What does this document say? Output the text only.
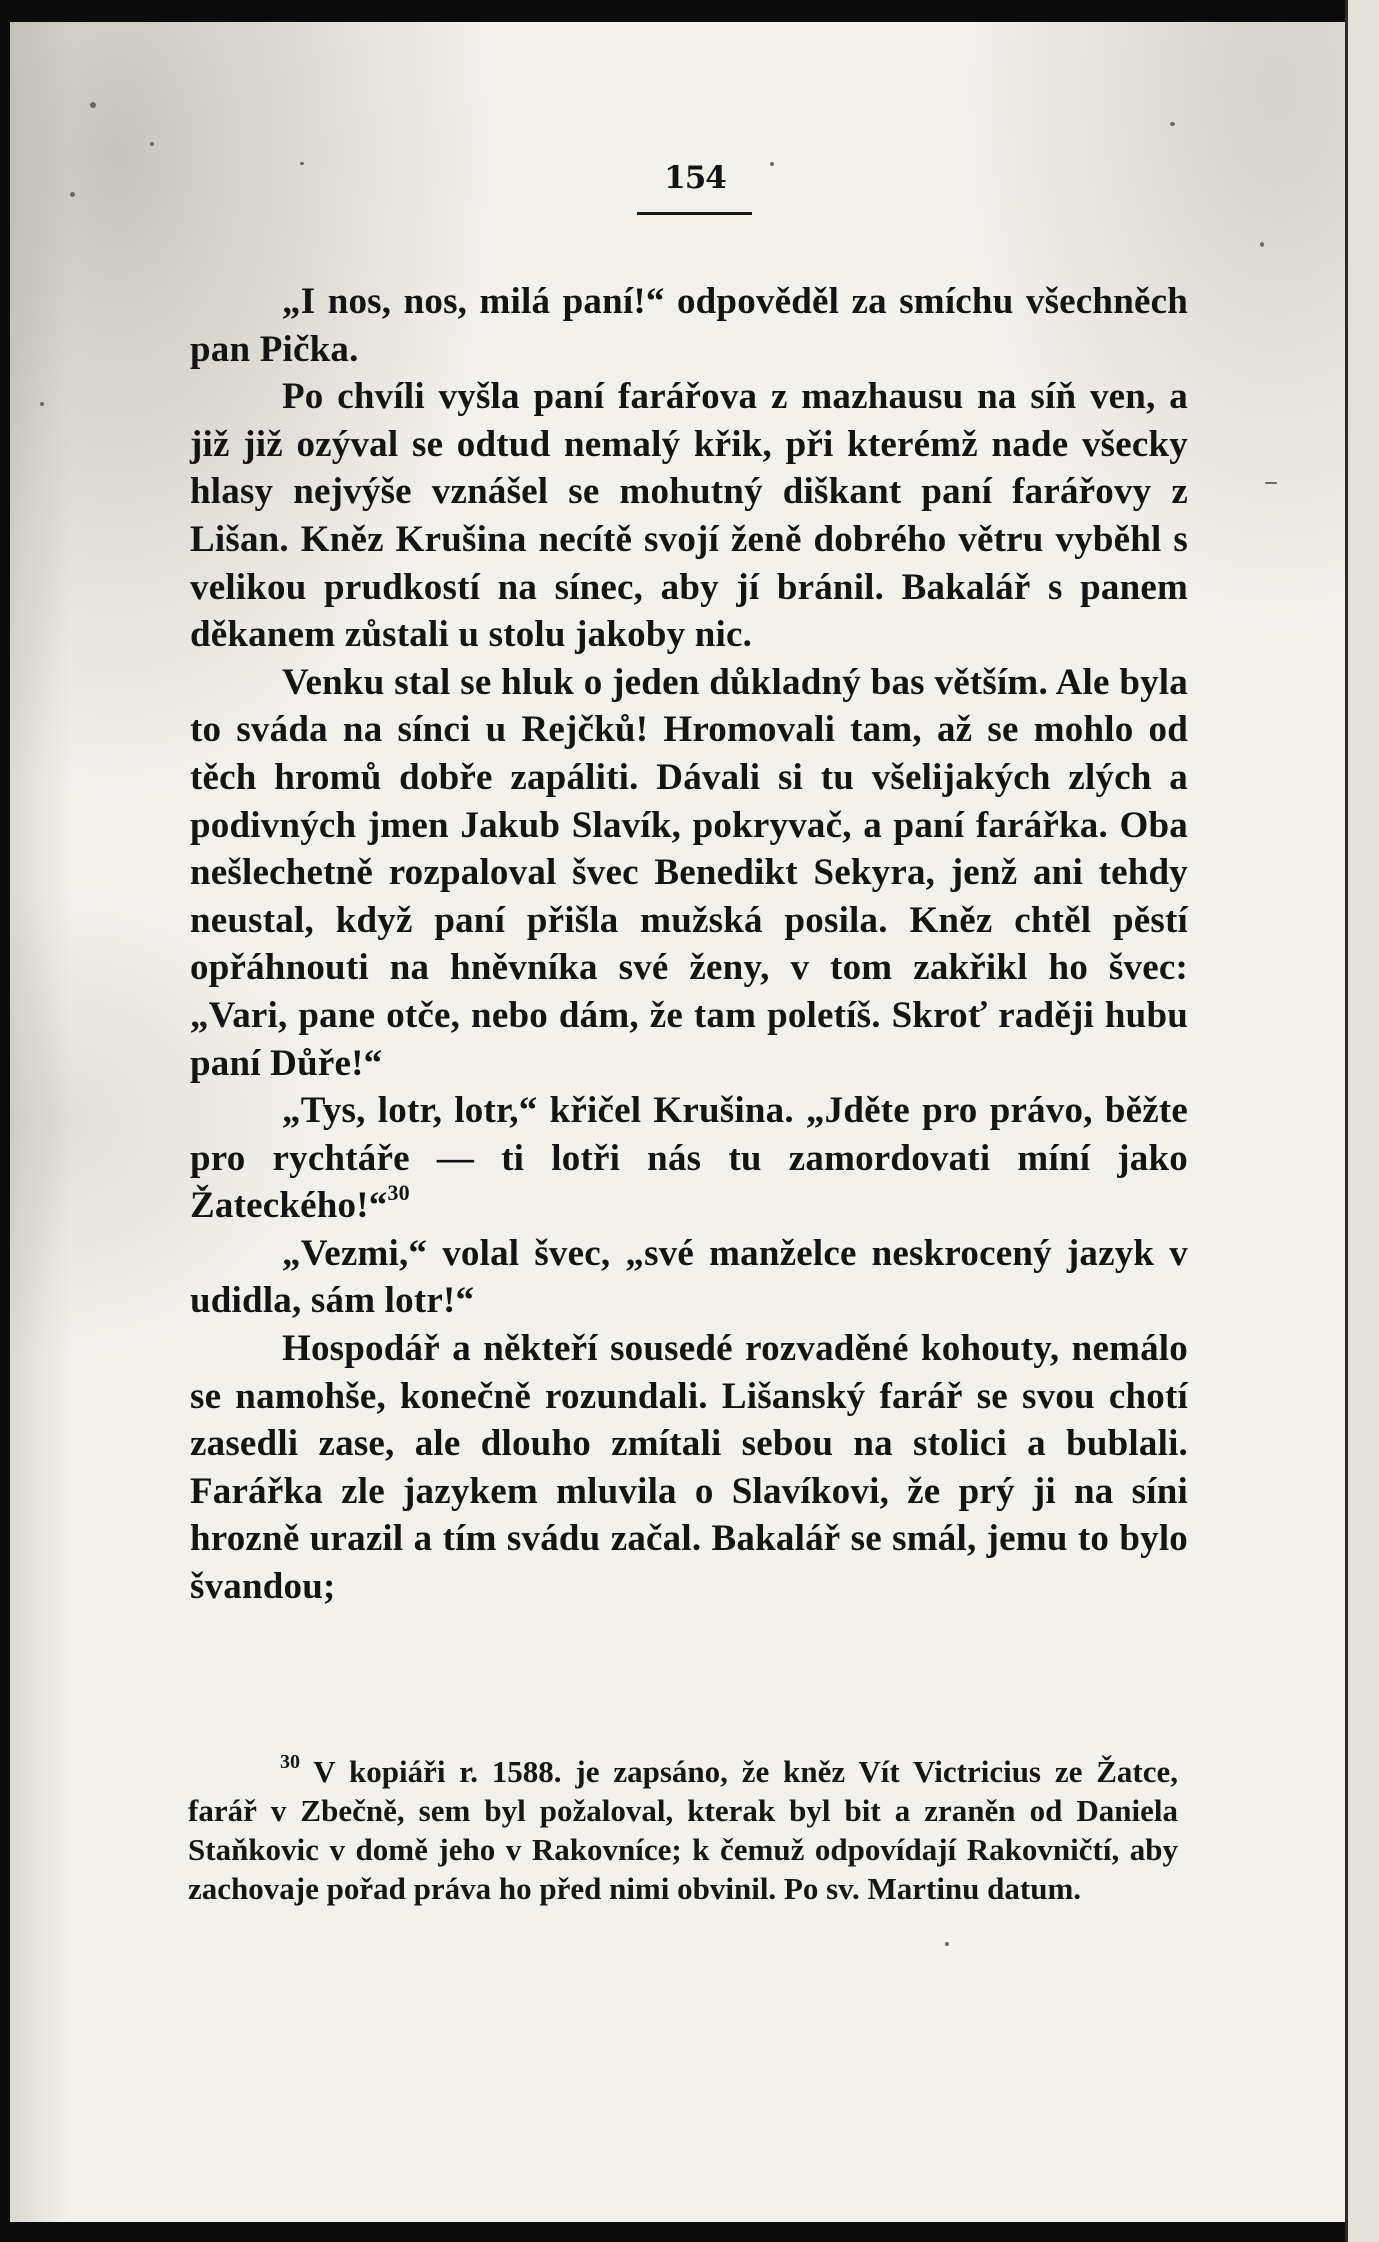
154

„I nos, nos, milá paní!“ odpověděl za smíchu všechněch pan Pička.

Po chvíli vyšla paní farářova z mazhausu na síň ven, a již již ozýval se odtud nemalý křik, při kterémž nade všecky hlasy nejvýše vznášel se mohutný diškant paní farářovy z Lišan. Kněz Krušina necítě svojí ženě dobrého větru vyběhl s velikou prudkostí na sínec, aby jí bránil. Bakalář s panem děkanem zůstali u stolu jakoby nic.

Venku stal se hluk o jeden důkladný bas větším. Ale byla to sváda na sínci u Rejčků! Hromovali tam, až se mohlo od těch hromů dobře zapáliti. Dávali si tu všelijakých zlých a podivných jmen Jakub Slavík, pokryvač, a paní farářka. Oba nešlechetně rozpaloval švec Benedikt Sekyra, jenž ani tehdy neustal, když paní přišla mužská posila. Kněz chtěl pěstí opřáhnouti na hněvníka své ženy, v tom zakřikl ho švec: „Vari, pane otče, nebo dám, že tam poletíš. Skroť raději hubu paní Důře!“

„Tys, lotr, lotr,“ křičel Krušina. „Jděte pro právo, běžte pro rychtáře — ti lotři nás tu zamordovati míní jako Žateckého!“$^{30}$

„Vezmi,“ volal švec, „své manželce neskrocený jazyk v udidla, sám lotr!“

Hospodář a někteří sousedé rozvaděné kohouty, nemálo se namohše, konečně rozundali. Lišanský farář se svou chotí zasedli zase, ale dlouho zmítali sebou na stolici a bublali. Farářka zle jazykem mluvila o Slavíkovi, že prý ji na síni hrozně urazil a tím svádu začal. Bakalář se smál, jemu to bylo švandou;

$^{30}$ V kopiáři r. 1588. je zapsáno, že kněz Vít Victricius ze Žatce, farář v Zbečně, sem byl požaloval, kterak byl bit a zraněn od Daniela Staňkovic v domě jeho v Rakovníce; k čemuž odpovídají Rakovničtí, aby zachovaje pořad práva ho před nimi obvinil. Po sv. Martinu datum.
